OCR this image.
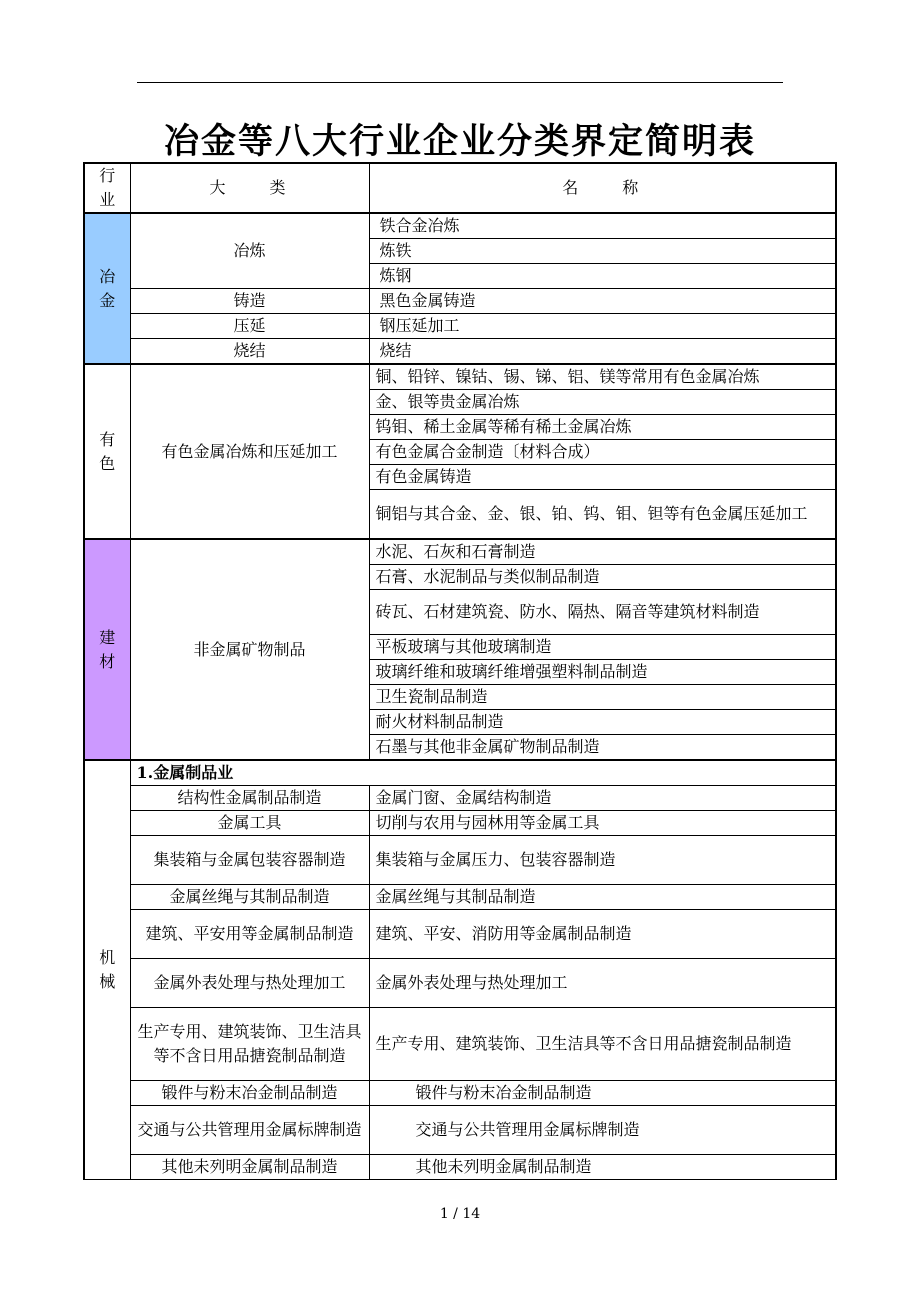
冶金等八大行业企业分类界定简明表
行业	大　　类	名　　称

冶金	冶炼	铁合金冶炼
		炼铁
		炼钢
	铸造	黑色金属铸造
	压延	钢压延加工
	烧结	烧结

有色	有色金属冶炼和压延加工	铜、铅锌、镍钴、锡、锑、铝、镁等常用有色金属冶炼
		金、银等贵金属冶炼
		钨钼、稀土金属等稀有稀土金属冶炼
		有色金属合金制造〔材料合成）
		有色金属铸造
		铜铝与其合金、金、银、铂、钨、钼、钽等有色金属压延加工

建材	非金属矿物制品	水泥、石灰和石膏制造
		石膏、水泥制品与类似制品制造
		砖瓦、石材建筑瓷、防水、隔热、隔音等建筑材料制造
		平板玻璃与其他玻璃制造
		玻璃纤维和玻璃纤维增强塑料制品制造
		卫生瓷制品制造
		耐火材料制品制造
		石墨与其他非金属矿物制品制造

机械	1.金属制品业	
	结构性金属制品制造	金属门窗、金属结构制造
	金属工具	切削与农用与园林用等金属工具
	集装箱与金属包装容器制造	集装箱与金属压力、包装容器制造
	金属丝绳与其制品制造	金属丝绳与其制品制造
	建筑、平安用等金属制品制造	建筑、平安、消防用等金属制品制造
	金属外表处理与热处理加工	金属外表处理与热处理加工
	生产专用、建筑装饰、卫生洁具等不含日用品搪瓷制品制造	生产专用、建筑装饰、卫生洁具等不含日用品搪瓷制品制造
	锻件与粉末冶金制品制造	锻件与粉末冶金制品制造
	交通与公共管理用金属标牌制造	交通与公共管理用金属标牌制造
	其他未列明金属制品制造	其他未列明金属制品制造
1 / 14
